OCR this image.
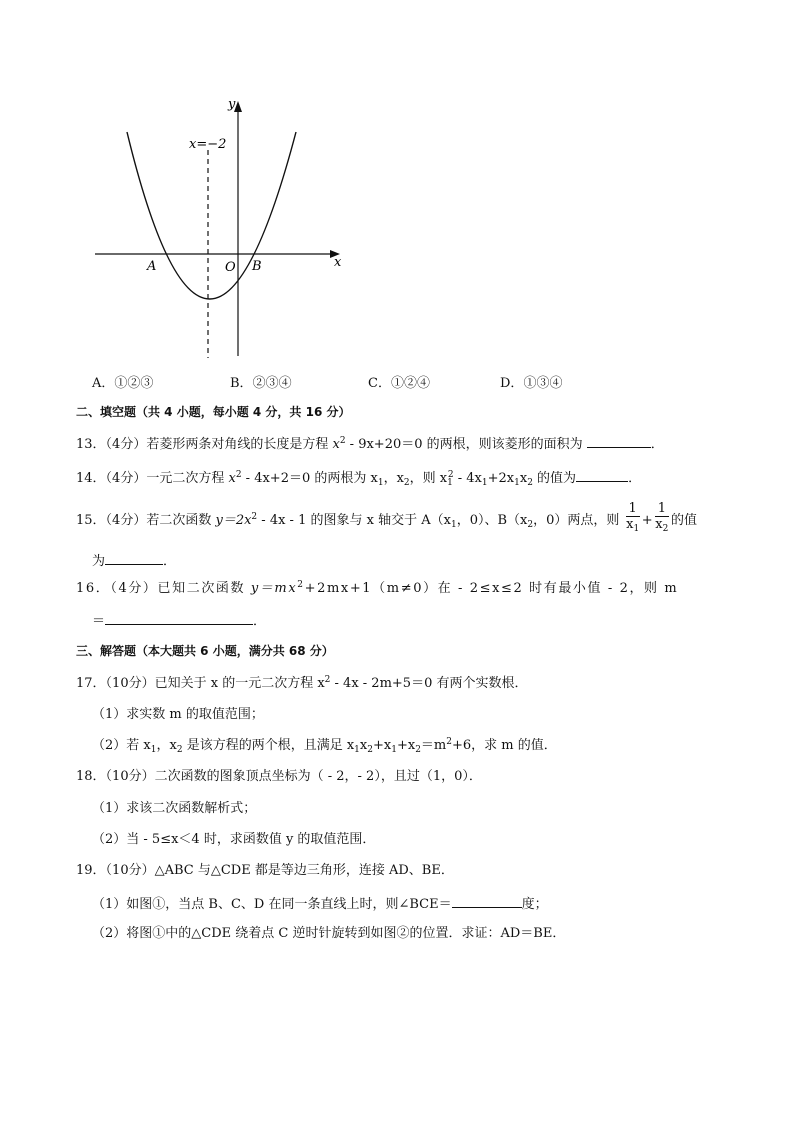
y
x
x=−2
A	O B
A．①②③	B．②③④	C．①②④	D．①③④
二、填空题（共 4 小题，每小题 4 分，共 16 分）
13．（4分）若菱形两条对角线的长度是方程 $x^2 - 9x+20=0$ 的两根，则该菱形的面积为	．
14．（4分）一元二次方程 $x^2 - 4x+2=0$ 的两根为 $x_1$，$x_2$，则 $x_1^2 - 4x_1+2x_1x_2$ 的值为	．
15．（4分）若二次函数 $y=2x^2 - 4x - 1$ 的图象与 x 轴交于 $A(x_1$，0）、$B(x_2$，0）两点，则 $\frac{1}{x_1} + \frac{1}{x_2}$ 的值
为	．
16．（4分）已知二次函数 $y=mx^2+2mx+1(m\ne 0)$在 - 2≤x≤2 时有最小值 - 2，则 m
＝	．
三、解答题（本大题共 6 小题，满分共 68 分）
17．（10分）已知关于 x 的一元二次方程 $x^2 - 4x - 2m+5=0$ 有两个实数根．
（1）求实数 m 的取值范围；
（2）若 $x_1$，$x_2$ 是该方程的两个根，且满足 $x_1x_2+x_1+x_2=m^2+6$，求 m 的值．
18．（10分）二次函数的图象顶点坐标为（ - 2，- 2），且过（1，0）．
（1）求该二次函数解析式；
（2）当 - 5≤x＜4 时，求函数值 y 的取值范围．
19．（10分）△ABC 与△CDE 都是等边三角形，连接 AD、BE．
（1）如图①，当点 B、C、D 在同一条直线上时，则∠BCE＝	度；
（2）将图①中的△CDE 绕着点 C 逆时针旋转到如图②的位置．求证：AD＝BE．
